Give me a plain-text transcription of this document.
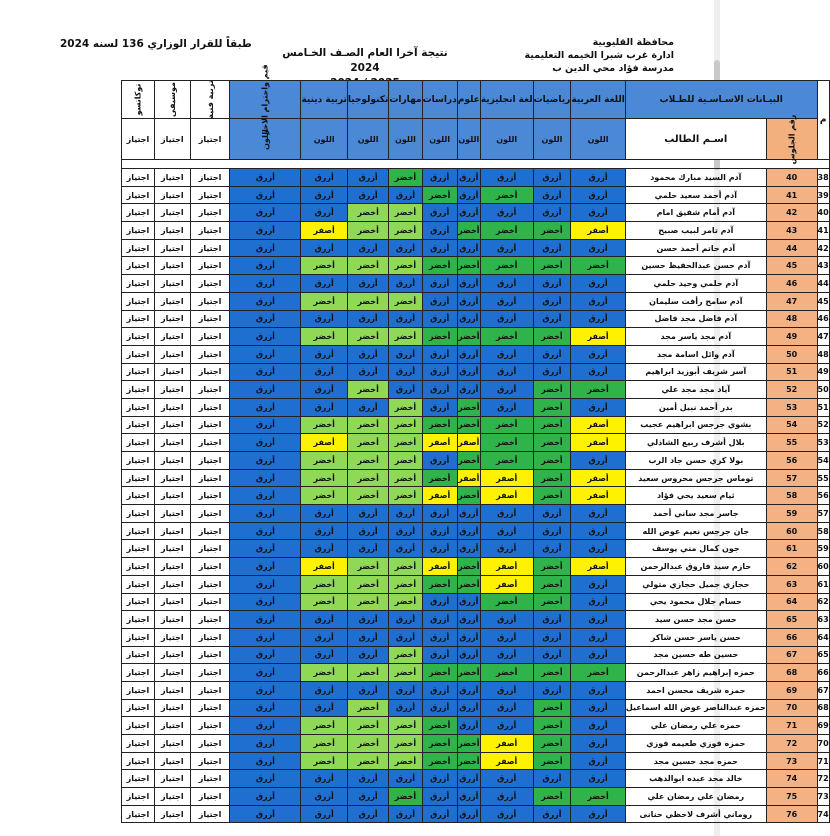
محافظة القليوبية
ادارة غرب شبرا الخيمه التعليمية
مدرسة فؤاد محي الدين ب
طبقاً للقرار الوزاري 136 لسنه 2024
نتيجة آخرا العام الصـف الخـامس
2024
م	البيـانات الاسـاسـية للطـلاب		اللغة العربية	رياضيات	لغة انجليزية	علوم	دراسات	مهارات	تكنولوجيا	تربية دينية	قيم واحترام الاخر	تربية فنية	موسيقى	توكاتسو
	رقم الجلوس	اسـم الطالب	اللون	اللون	اللون	اللون	اللون	اللون	اللون	اللون	اللون	اجتياز	اجتياز	اجتياز

38	40	آدم السيد مبارك محمود	أزرق	أزرق	أزرق	أزرق	أزرق	أخضر	أزرق	أزرق	أزرق	اجتياز	اجتياز	اجتياز
39	41	آدم أحمد سعيد حلمي	أزرق	أزرق	أخضر	أزرق	أخضر	أزرق	أزرق	أزرق	أزرق	اجتياز	اجتياز	اجتياز
40	42	آدم أمام شفيق امام	أزرق	أزرق	أزرق	أزرق	أزرق	أخضر	أخضر	أزرق	أزرق	اجتياز	اجتياز	اجتياز
41	43	آدم تامر لبيب صبيح	أصفر	أخضر	أخضر	أخضر	أزرق	أخضر	أخضر	أصفر	أزرق	اجتياز	اجتياز	اجتياز
42	44	آدم حاتم أحمد حسن	أزرق	أزرق	أزرق	أزرق	أزرق	أزرق	أزرق	أزرق	أزرق	اجتياز	اجتياز	اجتياز
43	45	آدم حسن عبدالحفيظ حسين	أخضر	أخضر	أخضر	أخضر	أخضر	أخضر	أخضر	أخضر	أزرق	اجتياز	اجتياز	اجتياز
44	46	آدم حلمي وحيد حلمي	أزرق	أزرق	أزرق	أزرق	أزرق	أزرق	أزرق	أزرق	أزرق	اجتياز	اجتياز	اجتياز
45	47	آدم سامح رأفت سليمان	أزرق	أزرق	أزرق	أزرق	أزرق	أخضر	أخضر	أخضر	أزرق	اجتياز	اجتياز	اجتياز
46	48	آدم فاضل مجد فاضل	أزرق	أزرق	أزرق	أزرق	أزرق	أزرق	أزرق	أزرق	أزرق	اجتياز	اجتياز	اجتياز
47	49	آدم مجد ياسر مجد	أصفر	أخضر	أخضر	أخضر	أخضر	أخضر	أخضر	أخضر	أزرق	اجتياز	اجتياز	اجتياز
48	50	آدم وائل اسامة مجد	أزرق	أزرق	أزرق	أزرق	أزرق	أزرق	أزرق	أزرق	أزرق	اجتياز	اجتياز	اجتياز
49	51	آسر شريف أبوزيد ابراهيم	أزرق	أزرق	أزرق	أزرق	أزرق	أزرق	أزرق	أزرق	أزرق	اجتياز	اجتياز	اجتياز
50	52	آياد مجد مجد علي	أخضر	أخضر	أزرق	أزرق	أزرق	أزرق	أخضر	أزرق	أزرق	اجتياز	اجتياز	اجتياز
51	53	بدر أحمد نبيل أمين	أزرق	أخضر	أزرق	أخضر	أزرق	أخضر	أزرق	أزرق	أزرق	اجتياز	اجتياز	اجتياز
52	54	بشوي جرجس ابراهيم عجيب	أصفر	أخضر	أخضر	أخضر	أخضر	أخضر	أخضر	أخضر	أزرق	اجتياز	اجتياز	اجتياز
53	55	بلال أشرف ربيع الشاذلي	أصفر	أخضر	أخضر	أصفر	أصفر	أخضر	أخضر	أصفر	أزرق	اجتياز	اجتياز	اجتياز
54	56	بولا كري حسن جاد الرب	أزرق	أخضر	أخضر	أخضر	أزرق	أخضر	أخضر	أخضر	أزرق	اجتياز	اجتياز	اجتياز
55	57	توماس جرجس محروس سعيد	أصفر	أخضر	أصفر	أصفر	أخضر	أخضر	أخضر	أخضر	أزرق	اجتياز	اجتياز	اجتياز
56	58	ثيام سعيد يحي فؤاد	أصفر	أخضر	أصفر	أخضر	أصفر	أخضر	أخضر	أخضر	أزرق	اجتياز	اجتياز	اجتياز
57	59	جاسر مجد ساني أحمد	أزرق	أزرق	أزرق	أزرق	أزرق	أزرق	أزرق	أزرق	أزرق	اجتياز	اجتياز	اجتياز
58	60	جان جرجس نعيم عوض الله	أزرق	أزرق	أزرق	أزرق	أزرق	أزرق	أزرق	أزرق	أزرق	اجتياز	اجتياز	اجتياز
59	61	جون كمال مني يوسف	أزرق	أزرق	أزرق	أزرق	أزرق	أزرق	أزرق	أزرق	أزرق	اجتياز	اجتياز	اجتياز
60	62	حازم سيد فاروق عبدالرحمن	أصفر	أخضر	أصفر	أخضر	أصفر	أخضر	أخضر	أصفر	أزرق	اجتياز	اجتياز	اجتياز
61	63	حجازي جميل حجازي متولي	أزرق	أخضر	أصفر	أخضر	أخضر	أخضر	أخضر	أخضر	أزرق	اجتياز	اجتياز	اجتياز
62	64	حسام جلال محمود يحي	أزرق	أخضر	أخضر	أزرق	أزرق	أخضر	أخضر	أخضر	أزرق	اجتياز	اجتياز	اجتياز
63	65	حسن مجد حسن سيد	أزرق	أزرق	أزرق	أزرق	أزرق	أزرق	أزرق	أزرق	أزرق	اجتياز	اجتياز	اجتياز
64	66	حسن ياسر حسن شاكر	أزرق	أزرق	أزرق	أزرق	أزرق	أزرق	أزرق	أزرق	أزرق	اجتياز	اجتياز	اجتياز
65	67	حسين طه حسين مجد	أزرق	أزرق	أزرق	أزرق	أزرق	أخضر	أزرق	أزرق	أزرق	اجتياز	اجتياز	اجتياز
66	68	حمزه إبراهيم زاهر عبدالرحمن	أخضر	أخضر	أخضر	أخضر	أخضر	أخضر	أخضر	أخضر	أزرق	اجتياز	اجتياز	اجتياز
67	69	حمزه شريف محسن احمد	أزرق	أزرق	أزرق	أزرق	أزرق	أزرق	أزرق	أزرق	أزرق	اجتياز	اجتياز	اجتياز
68	70	حمزه عبدالناصر عوض الله اسماعيل	أزرق	أخضر	أزرق	أزرق	أزرق	أزرق	أخضر	أزرق	أزرق	اجتياز	اجتياز	اجتياز
69	71	حمزه علي رمضان علي	أزرق	أخضر	أزرق	أزرق	أخضر	أخضر	أخضر	أخضر	أزرق	اجتياز	اجتياز	اجتياز
70	72	حمزه فوزي طعيمه فوزي	أزرق	أخضر	أصفر	أخضر	أخضر	أخضر	أخضر	أخضر	أزرق	اجتياز	اجتياز	اجتياز
71	73	حمزه مجد حسين مجد	أزرق	أخضر	أصفر	أخضر	أخضر	أخضر	أخضر	أخضر	أزرق	اجتياز	اجتياز	اجتياز
72	74	خالد مجد عبده ابوالدهب	أزرق	أزرق	أزرق	أزرق	أزرق	أزرق	أزرق	أزرق	أزرق	اجتياز	اجتياز	اجتياز
73	75	رمضان علي رمضان علي	أخضر	أخضر	أزرق	أزرق	أزرق	أخضر	أزرق	أزرق	أزرق	اجتياز	اجتياز	اجتياز
74	76	روماني أشرف لاحظي حنانى	أزرق	أزرق	أزرق	أزرق	أزرق	أزرق	أزرق	أزرق	أزرق	اجتياز	اجتياز	اجتياز
